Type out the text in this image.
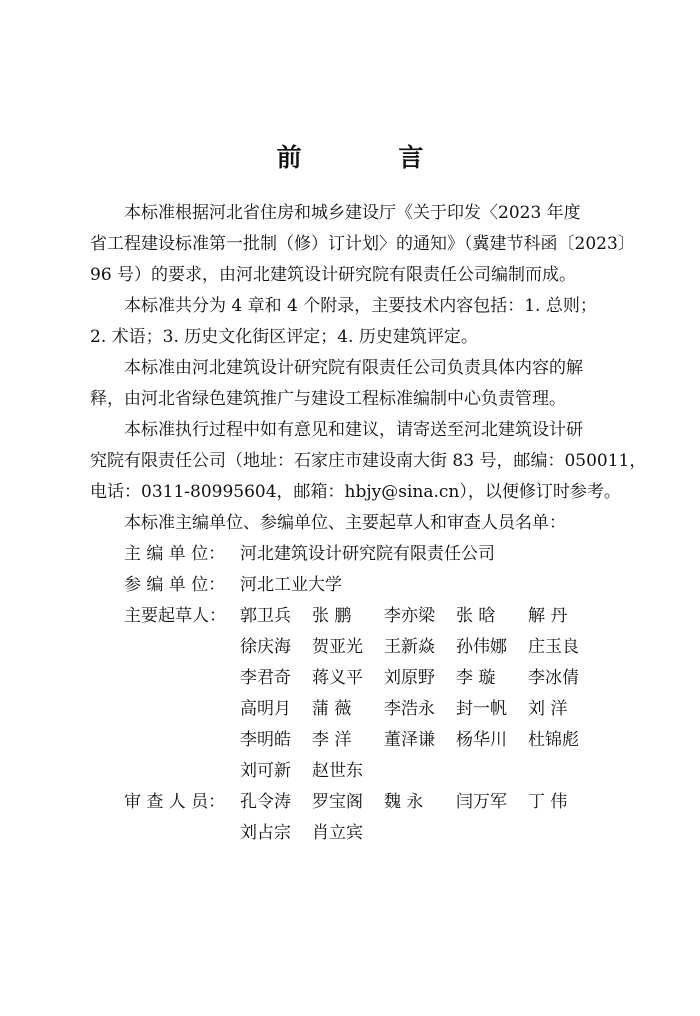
前 言

本标准根据河北省住房和城乡建设厅《关于印发〈2023 年度
省工程建设标准第一批制（修）订计划〉的通知》（冀建节科函〔2023〕
96 号）的要求，由河北建筑设计研究院有限责任公司编制而成。

本标准共分为 4 章和 4 个附录，主要技术内容包括：1. 总则；
2. 术语；3. 历史文化街区评定；4. 历史建筑评定。

本标准由河北建筑设计研究院有限责任公司负责具体内容的解
释，由河北省绿色建筑推广与建设工程标准编制中心负责管理。

本标准执行过程中如有意见和建议，请寄送至河北建筑设计研
究院有限责任公司（地址：石家庄市建设南大街 83 号，邮编：050011，
电话：0311-80995604，邮箱：hbjy@sina.cn），以便修订时参考。

本标准主编单位、参编单位、主要起草人和审查人员名单：

主 编 单 位： 河北建筑设计研究院有限责任公司
参 编 单 位： 河北工业大学
主要起草人： 郭卫兵	张 鹏	李亦梁	张 晗	解 丹
徐庆海	贺亚光	王新焱	孙伟娜	庄玉良
李君奇	蒋义平	刘原野	李 璇	李冰倩
高明月	蒲 薇	李浩永	封一帆	刘 洋
李明皓	李 洋	董泽谦	杨华川	杜锦彪
刘可新	赵世东
审 查 人 员： 孔令涛	罗宝阁	魏 永	闫万军	丁 伟
刘占宗	肖立宾
